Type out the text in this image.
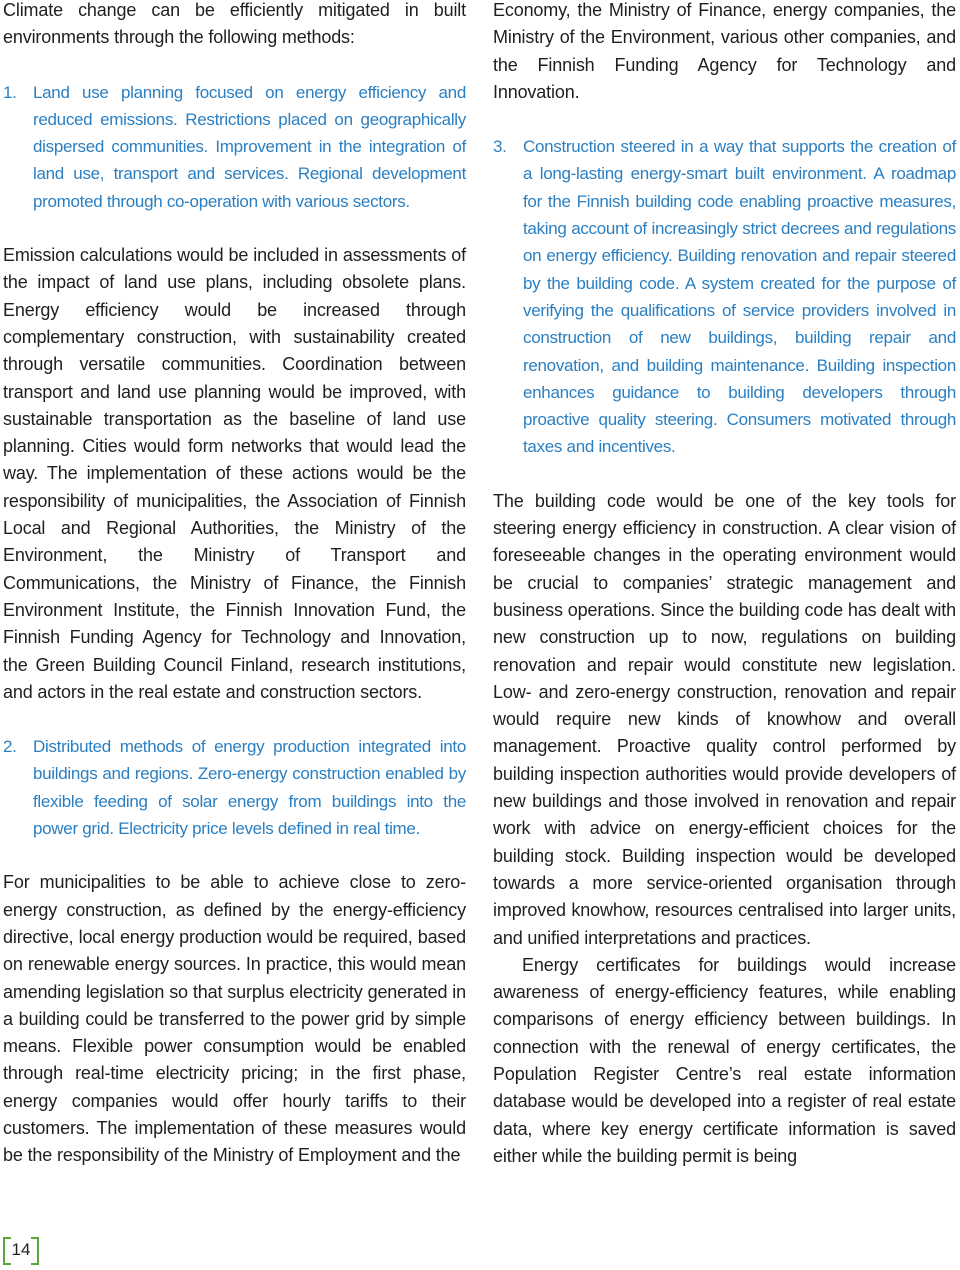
Climate change can be efficiently mitigated in built environments through the following methods:

1. Land use planning focused on energy efficiency and reduced emissions. Restrictions placed on geographically dispersed communities. Improvement in the integration of land use, transport and services. Regional development promoted through co-operation with various sectors.

Emission calculations would be included in assessments of the impact of land use plans, including obsolete plans. Energy efficiency would be increased through complementary construction, with sustainability created through versatile communities. Coordination between transport and land use planning would be improved, with sustainable transportation as the baseline of land use planning. Cities would form networks that would lead the way. The implementation of these actions would be the responsibility of municipalities, the Association of Finnish Local and Regional Authorities, the Ministry of the Environment, the Ministry of Transport and Communications, the Ministry of Finance, the Finnish Environment Institute, the Finnish Innovation Fund, the Finnish Funding Agency for Technology and Innovation, the Green Building Council Finland, research institutions, and actors in the real estate and construction sectors.

2. Distributed methods of energy production integrated into buildings and regions. Zero-energy construction enabled by flexible feeding of solar energy from buildings into the power grid. Electricity price levels defined in real time.

For municipalities to be able to achieve close to zero-energy construction, as defined by the energy-efficiency directive, local energy production would be required, based on renewable energy sources. In practice, this would mean amending legislation so that surplus electricity generated in a building could be transferred to the power grid by simple means. Flexible power consumption would be enabled through real-time electricity pricing; in the first phase, energy companies would offer hourly tariffs to their customers. The implementation of these measures would be the responsibility of the Ministry of Employment and the

Economy, the Ministry of Finance, energy companies, the Ministry of the Environment, various other companies, and the Finnish Funding Agency for Technology and Innovation.

3. Construction steered in a way that supports the creation of a long-lasting energy-smart built environment. A roadmap for the Finnish building code enabling proactive measures, taking account of increasingly strict decrees and regulations on energy efficiency. Building renovation and repair steered by the building code. A system created for the purpose of verifying the qualifications of service providers involved in construction of new buildings, building repair and renovation, and building maintenance. Building inspection enhances guidance to building developers through proactive quality steering. Consumers motivated through taxes and incentives.

The building code would be one of the key tools for steering energy efficiency in construction. A clear vision of foreseeable changes in the operating environment would be crucial to companies’ strategic management and business operations. Since the building code has dealt with new construction up to now, regulations on building renovation and repair would constitute new legislation. Low- and zero-energy construction, renovation and repair would require new kinds of knowhow and overall management. Proactive quality control performed by building inspection authorities would provide developers of new buildings and those involved in renovation and repair work with advice on energy-efficient choices for the building stock. Building inspection would be developed towards a more service-oriented organisation through improved knowhow, resources centralised into larger units, and unified interpretations and practices.

Energy certificates for buildings would increase awareness of energy-efficiency features, while enabling comparisons of energy efficiency between buildings. In connection with the renewal of energy certificates, the Population Register Centre’s real estate information database would be developed into a register of real estate data, where key energy certificate information is saved either while the building permit is being

14
